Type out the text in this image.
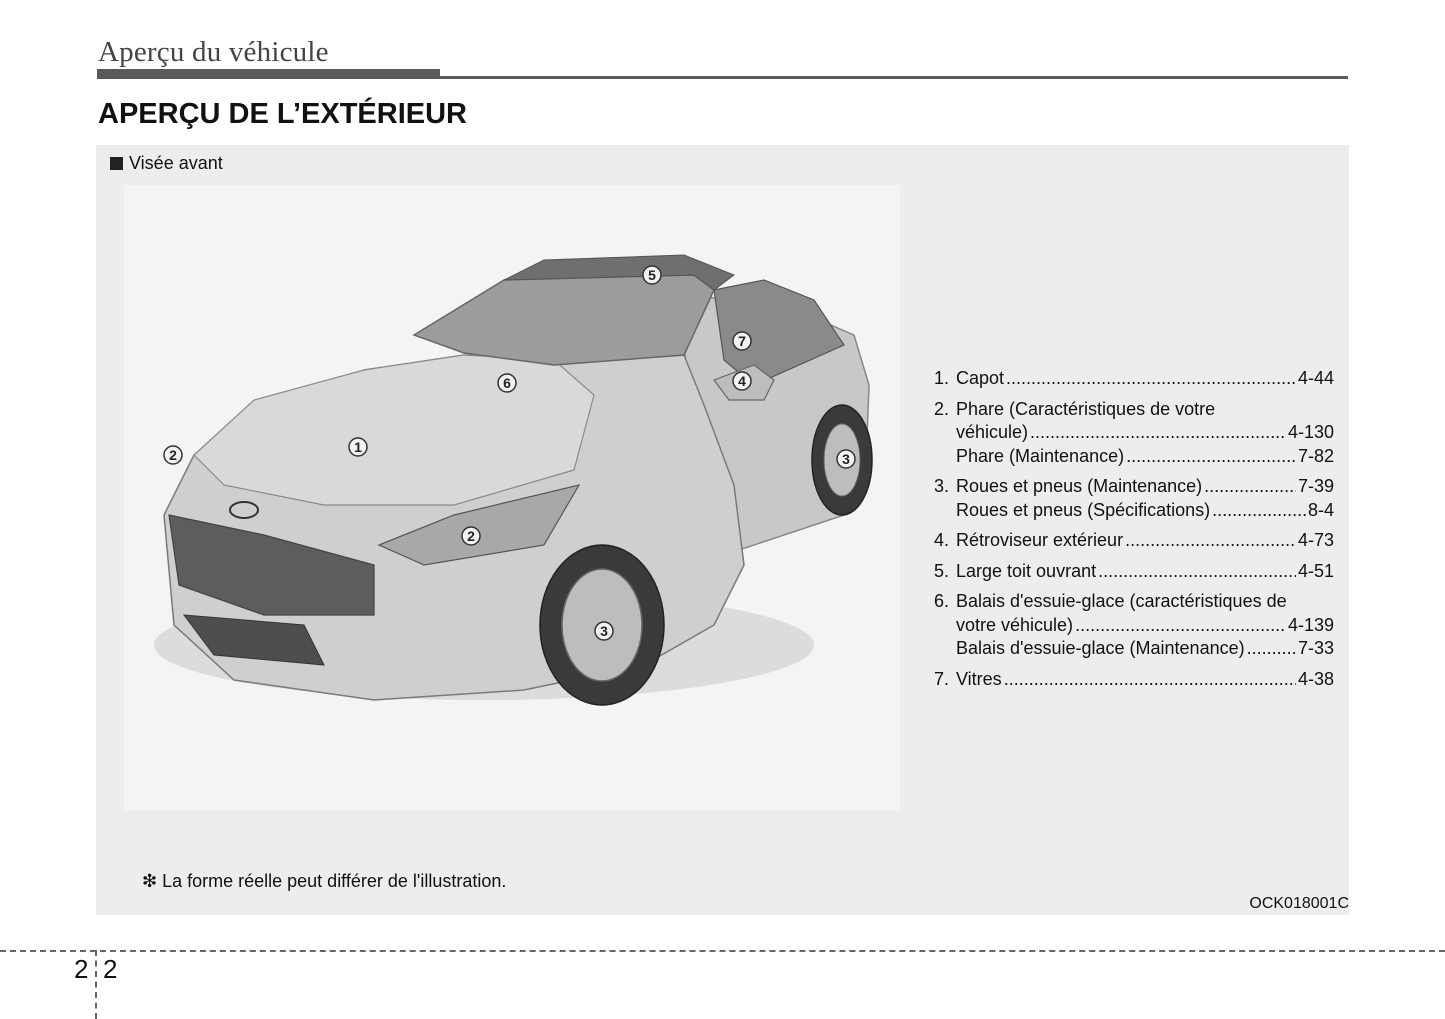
Aperçu du véhicule
APERÇU DE L’EXTÉRIEUR
Visée avant
1
2
2
3
3
4
5
6
7
1. Capot .....	4-44
2. Phare (Caractéristiques de votre
véhicule) .....	4-130
Phare (Maintenance) .....	7-82
3. Roues et pneus (Maintenance) .....	7-39
Roues et pneus (Spécifications) .....	8-4
4. Rétroviseur extérieur .....	4-73
5. Large toit ouvrant .....	4-51
6. Balais d'essuie-glace (caractéristiques de
votre véhicule) .....	4-139
Balais d'essuie-glace (Maintenance) .....	7-33
7. Vitres .....	4-38
❇ La forme réelle peut différer de l'illustration.
OCK018001C
2 2
